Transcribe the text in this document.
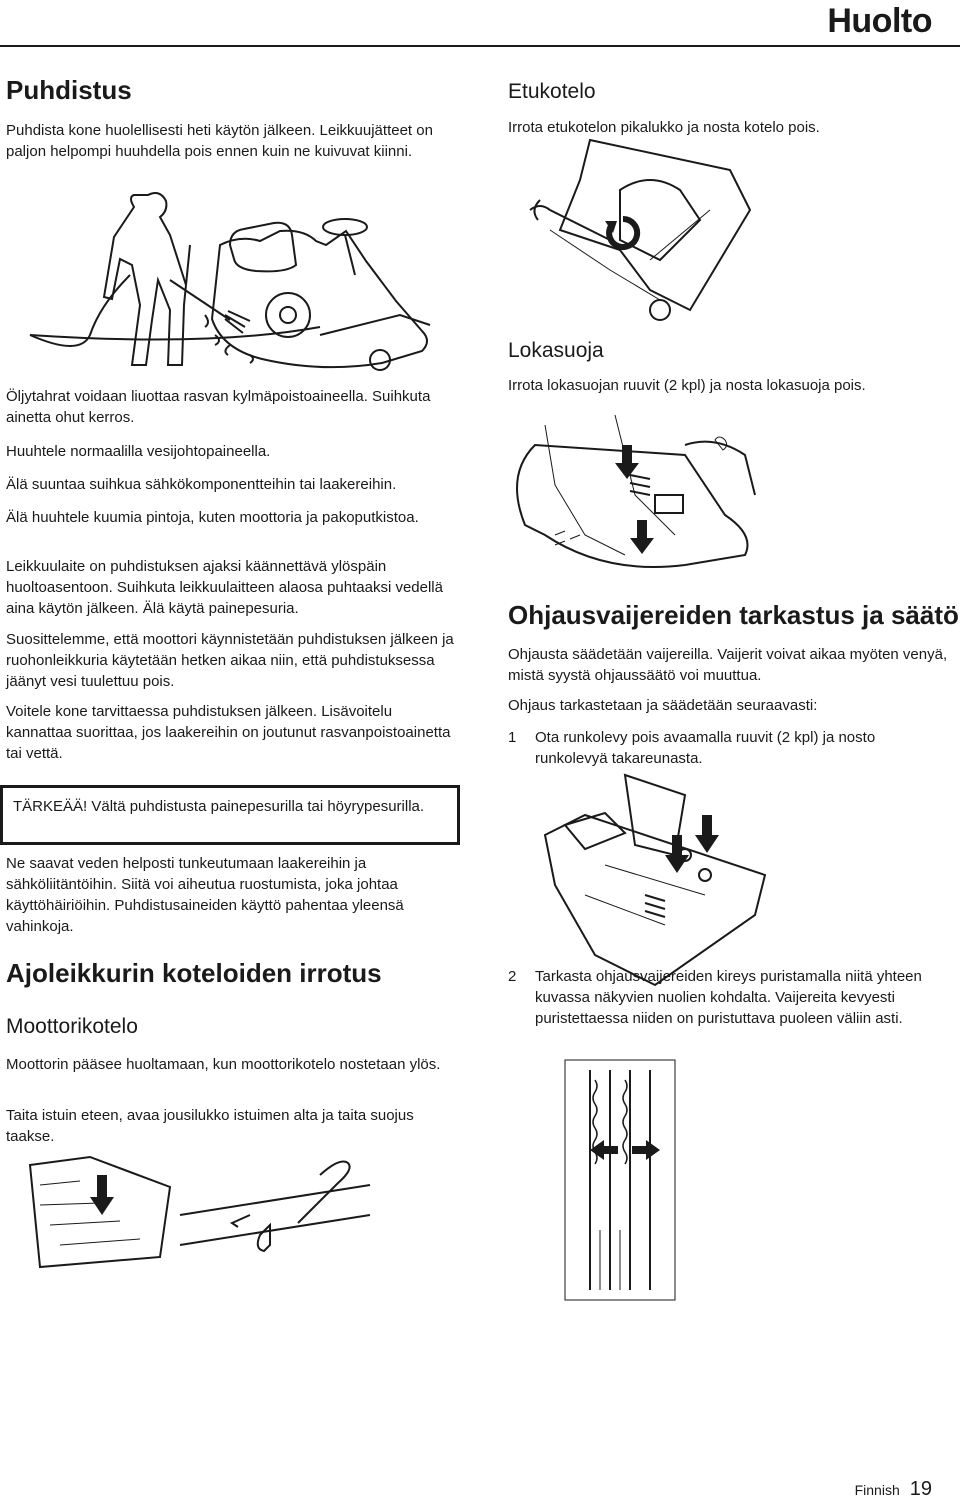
Huolto
Puhdistus
Puhdista kone huolellisesti heti käytön jälkeen. Leikkuujätteet on paljon helpompi huuhdella pois ennen kuin ne kuivuvat kiinni.
Öljytahrat voidaan liuottaa rasvan kylmäpoistoaineella. Suihkuta ainetta ohut kerros.
Huuhtele normaalilla vesijohtopaineella.
Älä suuntaa suihkua sähkökomponentteihin tai laakereihin.
Älä huuhtele kuumia pintoja, kuten moottoria ja pakoputkistoa.
Leikkuulaite on puhdistuksen ajaksi käännettävä ylöspäin huoltoasentoon. Suihkuta leikkuulaitteen alaosa puhtaaksi vedellä aina käytön jälkeen. Älä käytä painepesuria.
Suosittelemme, että moottori käynnistetään puhdistuksen jälkeen ja ruohonleikkuria käytetään hetken aikaa niin, että puhdistuksessa jäänyt vesi tuulettuu pois.
Voitele kone tarvittaessa puhdistuksen jälkeen. Lisävoitelu kannattaa suorittaa, jos laakereihin on joutunut rasvanpoistoainetta tai vettä.
TÄRKEÄÄ! Vältä puhdistusta painepesurilla tai höyrypesurilla.
Ne saavat veden helposti tunkeutumaan laakereihin ja sähköliitäntöihin. Siitä voi aiheutua ruostumista, joka johtaa käyttöhäiriöihin. Puhdistusaineiden käyttö pahentaa yleensä vahinkoja.
Ajoleikkurin koteloiden irrotus
Moottorikotelo
Moottorin pääsee huoltamaan, kun moottorikotelo nostetaan ylös.
Taita istuin eteen, avaa jousilukko istuimen alta ja taita suojus taakse.
Etukotelo
Irrota etukotelon pikalukko ja nosta kotelo pois.
Lokasuoja
Irrota lokasuojan ruuvit (2 kpl) ja nosta lokasuoja pois.
Ohjausvaijereiden tarkastus ja säätö
Ohjausta säädetään vaijereilla. Vaijerit voivat aikaa myöten venyä, mistä syystä ohjaussäätö voi muuttua.
Ohjaus tarkastetaan ja säädetään seuraavasti:
1	Ota runkolevy pois avaamalla ruuvit (2 kpl) ja nosto runkolevyä takareunasta.
2	Tarkasta ohjausvaijereiden kireys puristamalla niitä yhteen kuvassa näkyvien nuolien kohdalta. Vaijereita kevyesti puristettaessa niiden on puristuttava puoleen väliin asti.
Finnish 19
